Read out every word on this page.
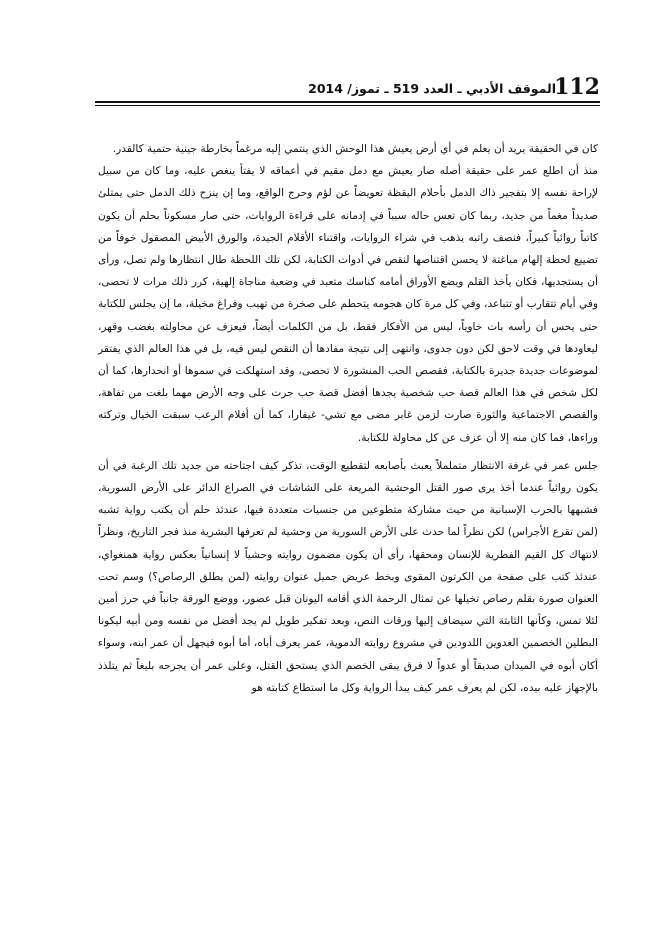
112
الموقف الأدبي ـ العدد 519 ـ تموز/ 2014

كان في الحقيقة يريد أن يعلم في أي أرض يعيش هذا الوحش الذي ينتمي إليه مرغماً بخارطة جينية حتمية كالقدر.

منذ أن اطلع عمر على حقيقة أصله صار يعيش مع دمل مقيم في أعماقه لا يفتأ ينغص عليه، وما كان من سبيل لإراحة نفسه إلا بتفجير ذاك الدمل بأحلام اليقظة تعويضاً عن لؤم وحرج الواقع، وما إن ينزح ذلك الدمل حتى يمتلئ صديداً مغماً من جديد، ربما كان تعس حاله سبباً في إدمانه على قراءة الروايات، حتى صار مسكوناً بحلم أن يكون كاتباً روائياً كبيراً، فنصف راتبه يذهب في شراء الروايات، واقتناء الأقلام الجيدة، والورق الأبيض المصقول خوفاً من تضييع لحظة إلهام مباغتة لا يحسن اقتناصها لنقص في أدوات الكتابة، لكن تلك اللحظة طال انتظارها ولم تصل، ورأى أن يستجديها، فكان يأخذ القلم ويضع الأوراق أمامه كناسك متعبد في وضعية مناجاة إلهية، كرر ذلك مرات لا تحصى، وفي أيام تتقارب أو تتباعد، وفي كل مرة كان هجومه يتحطم على صخرة من تهيب وفراغ مخيلة، ما إن يجلس للكتابة حتى يحس أن رأسه بات خاوياً، ليس من الأفكار فقط، بل من الكلمات أيضاً، فيعزف عن محاولته بغضب وقهر، ليعاودها في وقت لاحق لكن دون جدوى، وانتهى إلى نتيجة مفادها أن النقص ليس فيه، بل في هذا العالم الذي يفتقر لموضوعات جديدة جديرة بالكتابة، فقصص الحب المنشورة لا تحصى، وقد استهلكت في سموها أو انحدارها، كما أن لكل شخص في هذا العالم قصة حب شخصية يجدها أفضل قصة حب جرت على وجه الأرض مهما بلغت من تفاهة، والقصص الاجتماعية والثورة صارت لزمن غابر مضى مع تشي- غيفارا، كما أن أفلام الرعب سبقت الخيال وتركته وراءها، فما كان منه إلا أن عزف عن كل محاولة للكتابة.

جلس عمر في غرفة الانتظار متململاً يعبث بأصابعه لتقطيع الوقت، تذكر كيف اجتاحته من جديد تلك الرغبة في أن يكون روائياً عندما أخذ يرى صور القتل الوحشية المريعة على الشاشات في الصراع الدائر على الأرض السورية، فشبهها بالحرب الإسبانية من حيث مشاركة متطوعين من جنسيات متعددة فيها، عندئذ حلم أن يكتب رواية تشبه (لمن تقرع الأجراس) لكن نظراً لما حدث على الأرض السورية من وحشية لم تعرفها البشرية منذ فجر التاريخ، ونظراً لانتهاك كل القيم الفطرية للإنسان ومحقها، رأى أن يكون مضمون روايته وحشياً لا إنسانياً بعكس رواية همنغواي، عندئذ كتب على صفحة من الكرتون المقوى وبخط عريض جميل عنوان روايته (لمن يطلق الرصاص؟) وسم تحت العنوان صورة بقلم رصاص تخيلها عن تمثال الرحمة الذي أقامه اليونان قبل عصور، ووضع الورقة جانباً في حرز أمين لئلا تمس، وكأنها الثابتة التي سيضاف إليها ورقات النص، وبعد تفكير طويل لم يجد أفضل من نفسه ومن أبيه ليكونا البطلين الخصمين العدوين اللدودين في مشروع روايته الدموية، عمر يعرف أباه، أما أبوه فيجهل أن عمر ابنه، وسواء أكان أبوه في الميدان صديقاً أو عدواً لا فرق يبقى الخصم الذي يستحق القتل، وعلى عمر أن يجرحه بليغاً ثم يتلذذ بالإجهاز عليه بيده، لكن لم يعرف عمر كيف يبدأ الرواية وكل ما استطاع كتابته هو
